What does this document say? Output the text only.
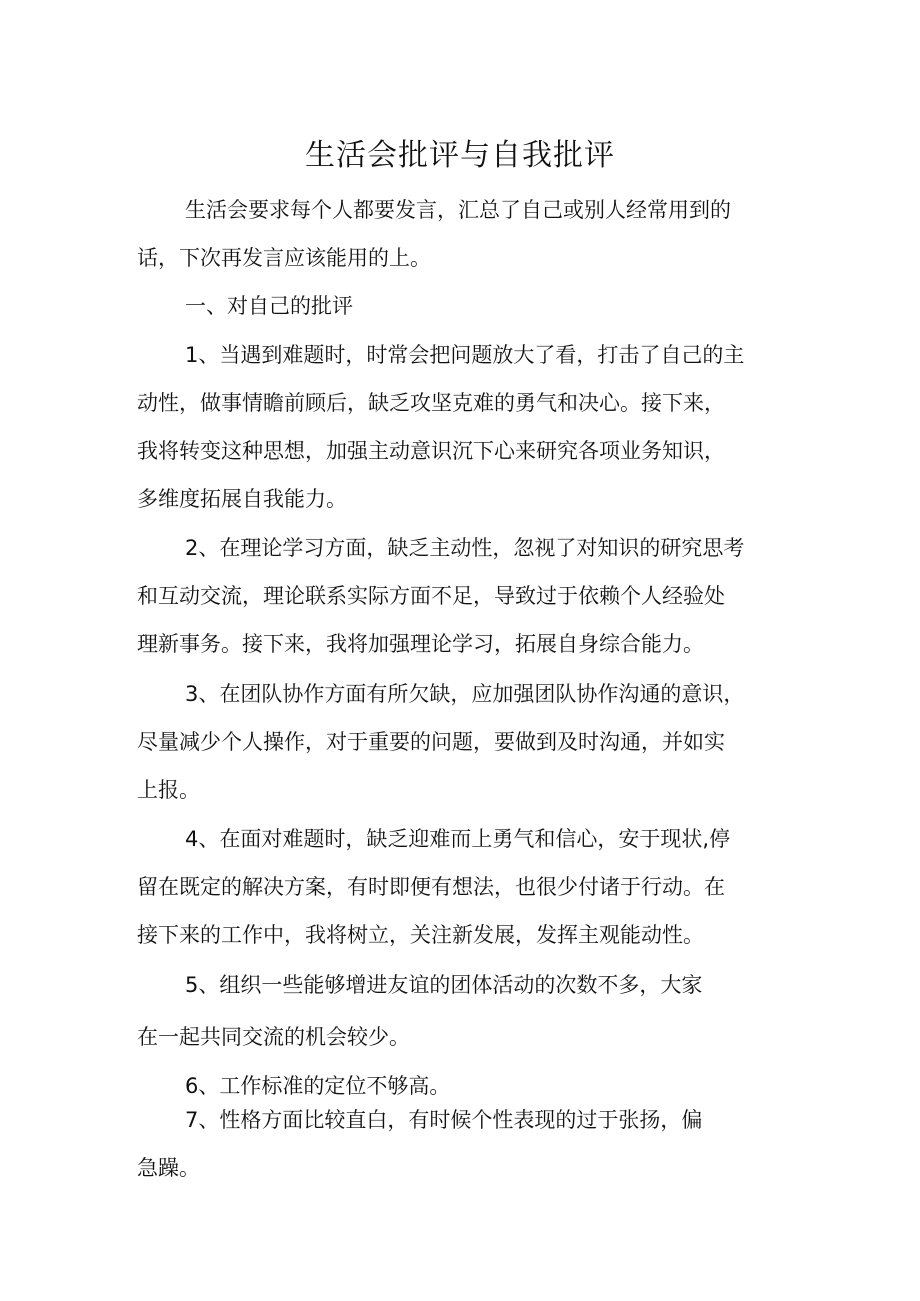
生活会批评与自我批评

生活会要求每个人都要发言，汇总了自己或别人经常用到的
话，下次再发言应该能用的上。

一、对自己的批评

1、当遇到难题时，时常会把问题放大了看，打击了自己的主
动性，做事情瞻前顾后，缺乏攻坚克难的勇气和决心。接下来，
我将转变这种思想，加强主动意识沉下心来研究各项业务知识，
多维度拓展自我能力。

2、在理论学习方面，缺乏主动性，忽视了对知识的研究思考
和互动交流，理论联系实际方面不足，导致过于依赖个人经验处
理新事务。接下来，我将加强理论学习，拓展自身综合能力。

3、在团队协作方面有所欠缺，应加强团队协作沟通的意识，
尽量减少个人操作，对于重要的问题，要做到及时沟通，并如实
上报。

4、在面对难题时，缺乏迎难而上勇气和信心，安于现状,停
留在既定的解决方案，有时即便有想法，也很少付诸于行动。在
接下来的工作中，我将树立，关注新发展，发挥主观能动性。

5、组织一些能够增进友谊的团体活动的次数不多，大家
在一起共同交流的机会较少。

6、工作标准的定位不够高。

7、性格方面比较直白，有时候个性表现的过于张扬，偏
急躁。
